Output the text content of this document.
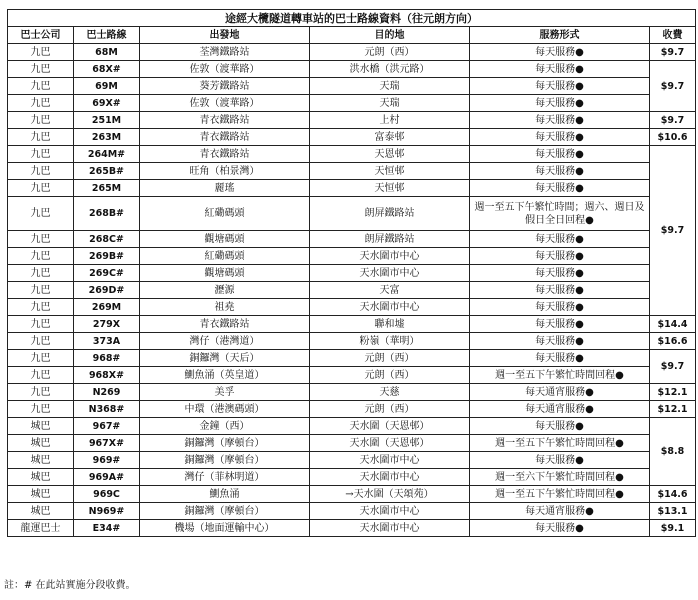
途經大欖隧道轉車站的巴士路線資料（往元朗方向）					
巴士公司	巴士路線	出發地	目的地	服務形式	收費
九巴	68M	荃灣鐵路站	元朗（西）	每天服務●	$9.7
九巴	68X#	佐敦（渡華路）	洪水橋（洪元路）	每天服務●	$9.7
九巴	69M	葵芳鐵路站	天瑞	每天服務●	
九巴	69X#	佐敦（渡華路）	天瑞	每天服務●	
九巴	251M	青衣鐵路站	上村	每天服務●	$9.7
九巴	263M	青衣鐵路站	富泰邨	每天服務●	$10.6
九巴	264M#	青衣鐵路站	天恩邨	每天服務●	$9.7
九巴	265B#	旺角（柏景灣）	天恒邨	每天服務●	
九巴	265M	麗瑤	天恒邨	每天服務●	
九巴	268B#	紅磡碼頭	朗屏鐵路站	週一至五下午繁忙時間；週六、週日及假日全日回程●	
九巴	268C#	觀塘碼頭	朗屏鐵路站	每天服務●	
九巴	269B#	紅磡碼頭	天水圍市中心	每天服務●	
九巴	269C#	觀塘碼頭	天水圍市中心	每天服務●	
九巴	269D#	瀝源	天富	每天服務●	
九巴	269M	祖堯	天水圍市中心	每天服務●	
九巴	279X	青衣鐵路站	聯和墟	每天服務●	$14.4
九巴	373A	灣仔（港灣道）	粉嶺（華明）	每天服務●	$16.6
九巴	968#	銅鑼灣（天后）	元朗（西）	每天服務●	$9.7
九巴	968X#	鰂魚涌（英皇道）	元朗（西）	週一至五下午繁忙時間回程●	
九巴	N269	美孚	天慈	每天通宵服務●	$12.1
九巴	N368#	中環（港澳碼頭）	元朗（西）	每天通宵服務●	$12.1
城巴	967#	金鐘（西）	天水圍（天恩邨）	每天服務●	$8.8
城巴	967X#	銅鑼灣（摩頓台）	天水圍（天恩邨）	週一至五下午繁忙時間回程●	
城巴	969#	銅鑼灣（摩頓台）	天水圍市中心	每天服務●	
城巴	969A#	灣仔（菲林明道）	天水圍市中心	週一至六下午繁忙時間回程●	
城巴	969C	鰂魚涌	→天水圍（天頌苑）	週一至五下午繁忙時間回程●	$14.6
城巴	N969#	銅鑼灣（摩頓台）	天水圍市中心	每天通宵服務●	$13.1
龍運巴士	E34#	機場（地面運輸中心）	天水圍市中心	每天服務●	$9.1
註：# 在此站實施分段收費。
